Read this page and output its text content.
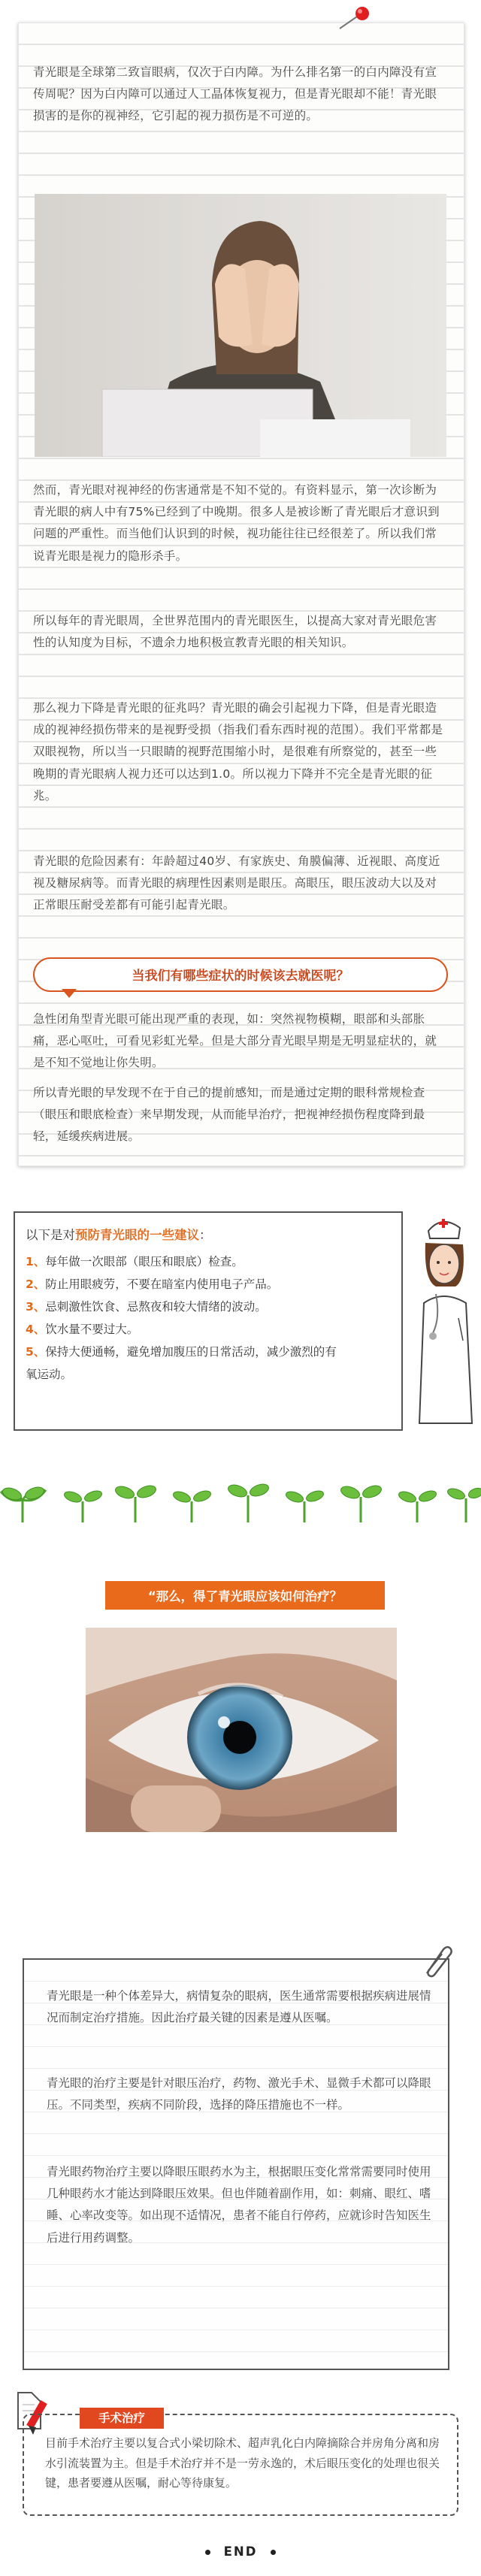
青光眼是全球第二致盲眼病，仅次于白内障。为什么排名第一的白内障没有宣传周呢？因为白内障可以通过人工晶体恢复视力，但是青光眼却不能！青光眼损害的是你的视神经，它引起的视力损伤是不可逆的。

然而，青光眼对视神经的伤害通常是不知不觉的。有资料显示，第一次诊断为青光眼的病人中有75%已经到了中晚期。很多人是被诊断了青光眼后才意识到问题的严重性。而当他们认识到的时候，视功能往往已经很差了。所以我们常说青光眼是视力的隐形杀手。

所以每年的青光眼周，全世界范围内的青光眼医生，以提高大家对青光眼危害性的认知度为目标，不遗余力地积极宣教青光眼的相关知识。

那么视力下降是青光眼的征兆吗？青光眼的确会引起视力下降，但是青光眼造成的视神经损伤带来的是视野受损（指我们看东西时视的范围）。我们平常都是双眼视物，所以当一只眼睛的视野范围缩小时，是很难有所察觉的，甚至一些晚期的青光眼病人视力还可以达到1.0。所以视力下降并不完全是青光眼的征兆。

青光眼的危险因素有：年龄超过40岁、有家族史、角膜偏薄、近视眼、高度近视及糖尿病等。而青光眼的病理性因素则是眼压。高眼压，眼压波动大以及对正常眼压耐受差都有可能引起青光眼。

当我们有哪些症状的时候该去就医呢？

急性闭角型青光眼可能出现严重的表现，如：突然视物模糊，眼部和头部胀痛，恶心呕吐，可看见彩虹光晕。但是大部分青光眼早期是无明显症状的，就是不知不觉地让你失明。

所以青光眼的早发现不在于自己的提前感知，而是通过定期的眼科常规检查（眼压和眼底检查）来早期发现，从而能早治疗，把视神经损伤程度降到最轻，延缓疾病进展。

以下是对预防青光眼的一些建议：
1、每年做一次眼部（眼压和眼底）检查。
2、防止用眼疲劳，不要在暗室内使用电子产品。
3、忌刺激性饮食、忌熬夜和较大情绪的波动。
4、饮水量不要过大。
5、保持大便通畅，避免增加腹压的日常活动，减少激烈的有氧运动。
“那么，得了青光眼应该如何治疗？

青光眼是一种个体差异大，病情复杂的眼病，医生通常需要根据疾病进展情况而制定治疗措施。因此治疗最关键的因素是遵从医嘱。

青光眼的治疗主要是针对眼压治疗，药物、激光手术、显微手术都可以降眼压。不同类型，疾病不同阶段，选择的降压措施也不一样。

青光眼药物治疗主要以降眼压眼药水为主，根据眼压变化常常需要同时使用几种眼药水才能达到降眼压效果。但也伴随着副作用，如：刺痛、眼红、嗜睡、心率改变等。如出现不适情况，患者不能自行停药，应就诊时告知医生后进行用药调整。

手术治疗

目前手术治疗主要以复合式小梁切除术、超声乳化白内障摘除合并房角分离和房水引流装置为主。但是手术治疗并不是一劳永逸的，术后眼压变化的处理也很关键，患者要遵从医嘱，耐心等待康复。

END
